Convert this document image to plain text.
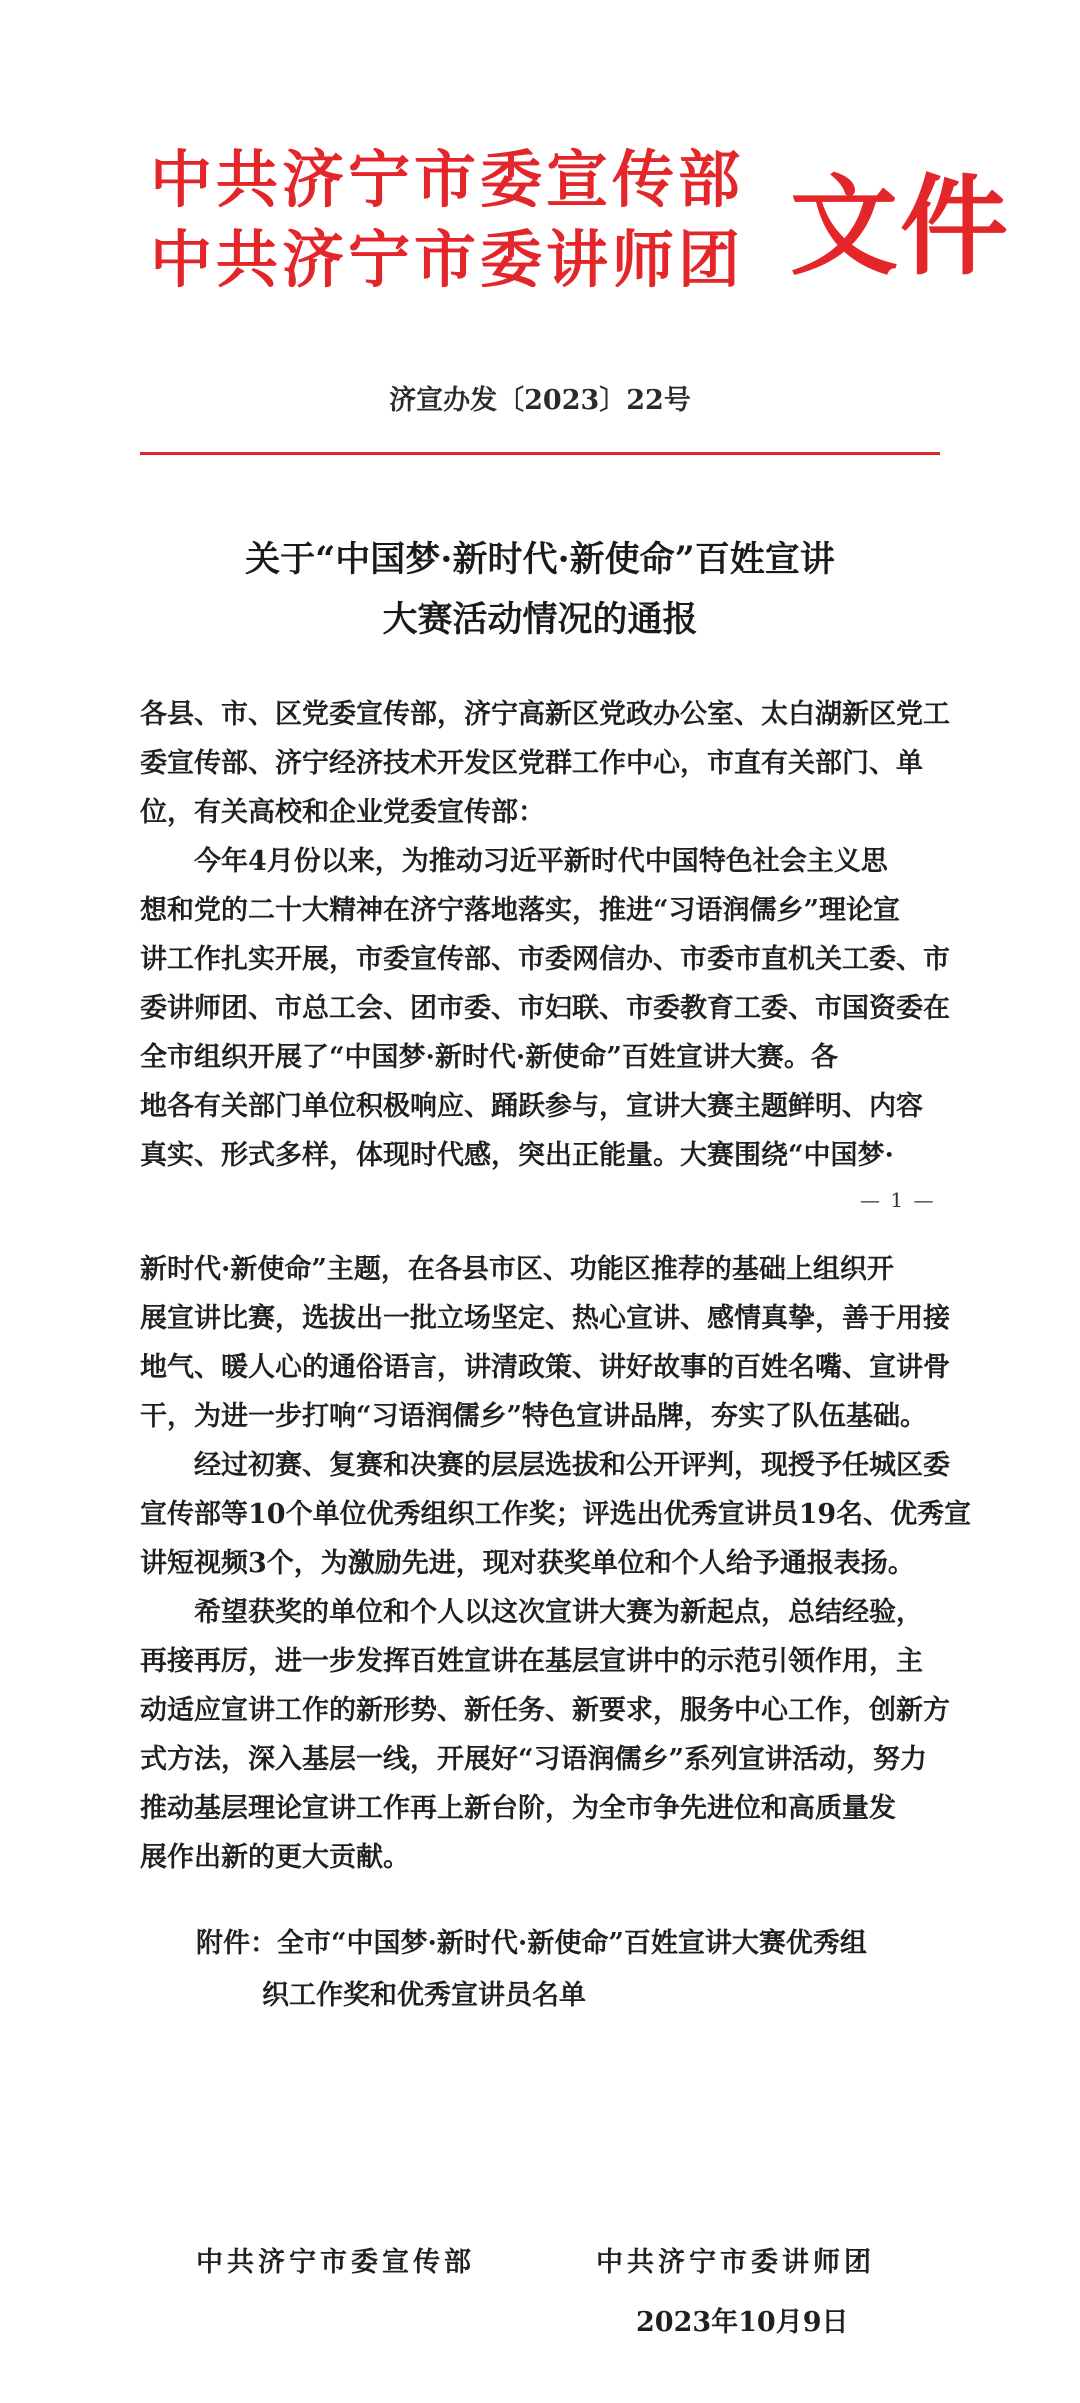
中共济宁市委宣传部
中共济宁市委讲师团 文件
济宣办发〔2023〕22号
关于“中国梦·新时代·新使命”百姓宣讲
大赛活动情况的通报
各县、市、区党委宣传部，济宁高新区党政办公室、太白湖新区党工
委宣传部、济宁经济技术开发区党群工作中心，市直有关部门、单
位，有关高校和企业党委宣传部：
今年4月份以来，为推动习近平新时代中国特色社会主义思
想和党的二十大精神在济宁落地落实，推进“习语润儒乡”理论宣
讲工作扎实开展，市委宣传部、市委网信办、市委市直机关工委、市
委讲师团、市总工会、团市委、市妇联、市委教育工委、市国资委在
全市组织开展了“中国梦·新时代·新使命”百姓宣讲大赛。各
地各有关部门单位积极响应、踊跃参与，宣讲大赛主题鲜明、内容
真实、形式多样，体现时代感，突出正能量。大赛围绕“中国梦·
— 1 —
新时代·新使命”主题，在各县市区、功能区推荐的基础上组织开
展宣讲比赛，选拔出一批立场坚定、热心宣讲、感情真挚，善于用接
地气、暖人心的通俗语言，讲清政策、讲好故事的百姓名嘴、宣讲骨
干，为进一步打响“习语润儒乡”特色宣讲品牌，夯实了队伍基础。
经过初赛、复赛和决赛的层层选拔和公开评判，现授予任城区委
宣传部等10个单位优秀组织工作奖；评选出优秀宣讲员19名、优秀宣
讲短视频3个，为激励先进，现对获奖单位和个人给予通报表扬。
希望获奖的单位和个人以这次宣讲大赛为新起点，总结经验，
再接再厉，进一步发挥百姓宣讲在基层宣讲中的示范引领作用，主
动适应宣讲工作的新形势、新任务、新要求，服务中心工作，创新方
式方法，深入基层一线，开展好“习语润儒乡”系列宣讲活动，努力
推动基层理论宣讲工作再上新台阶，为全市争先进位和高质量发
展作出新的更大贡献。
附件：全市“中国梦·新时代·新使命”百姓宣讲大赛优秀组
织工作奖和优秀宣讲员名单
中共济宁市委宣传部	中共济宁市委讲师团
2023年10月9日
